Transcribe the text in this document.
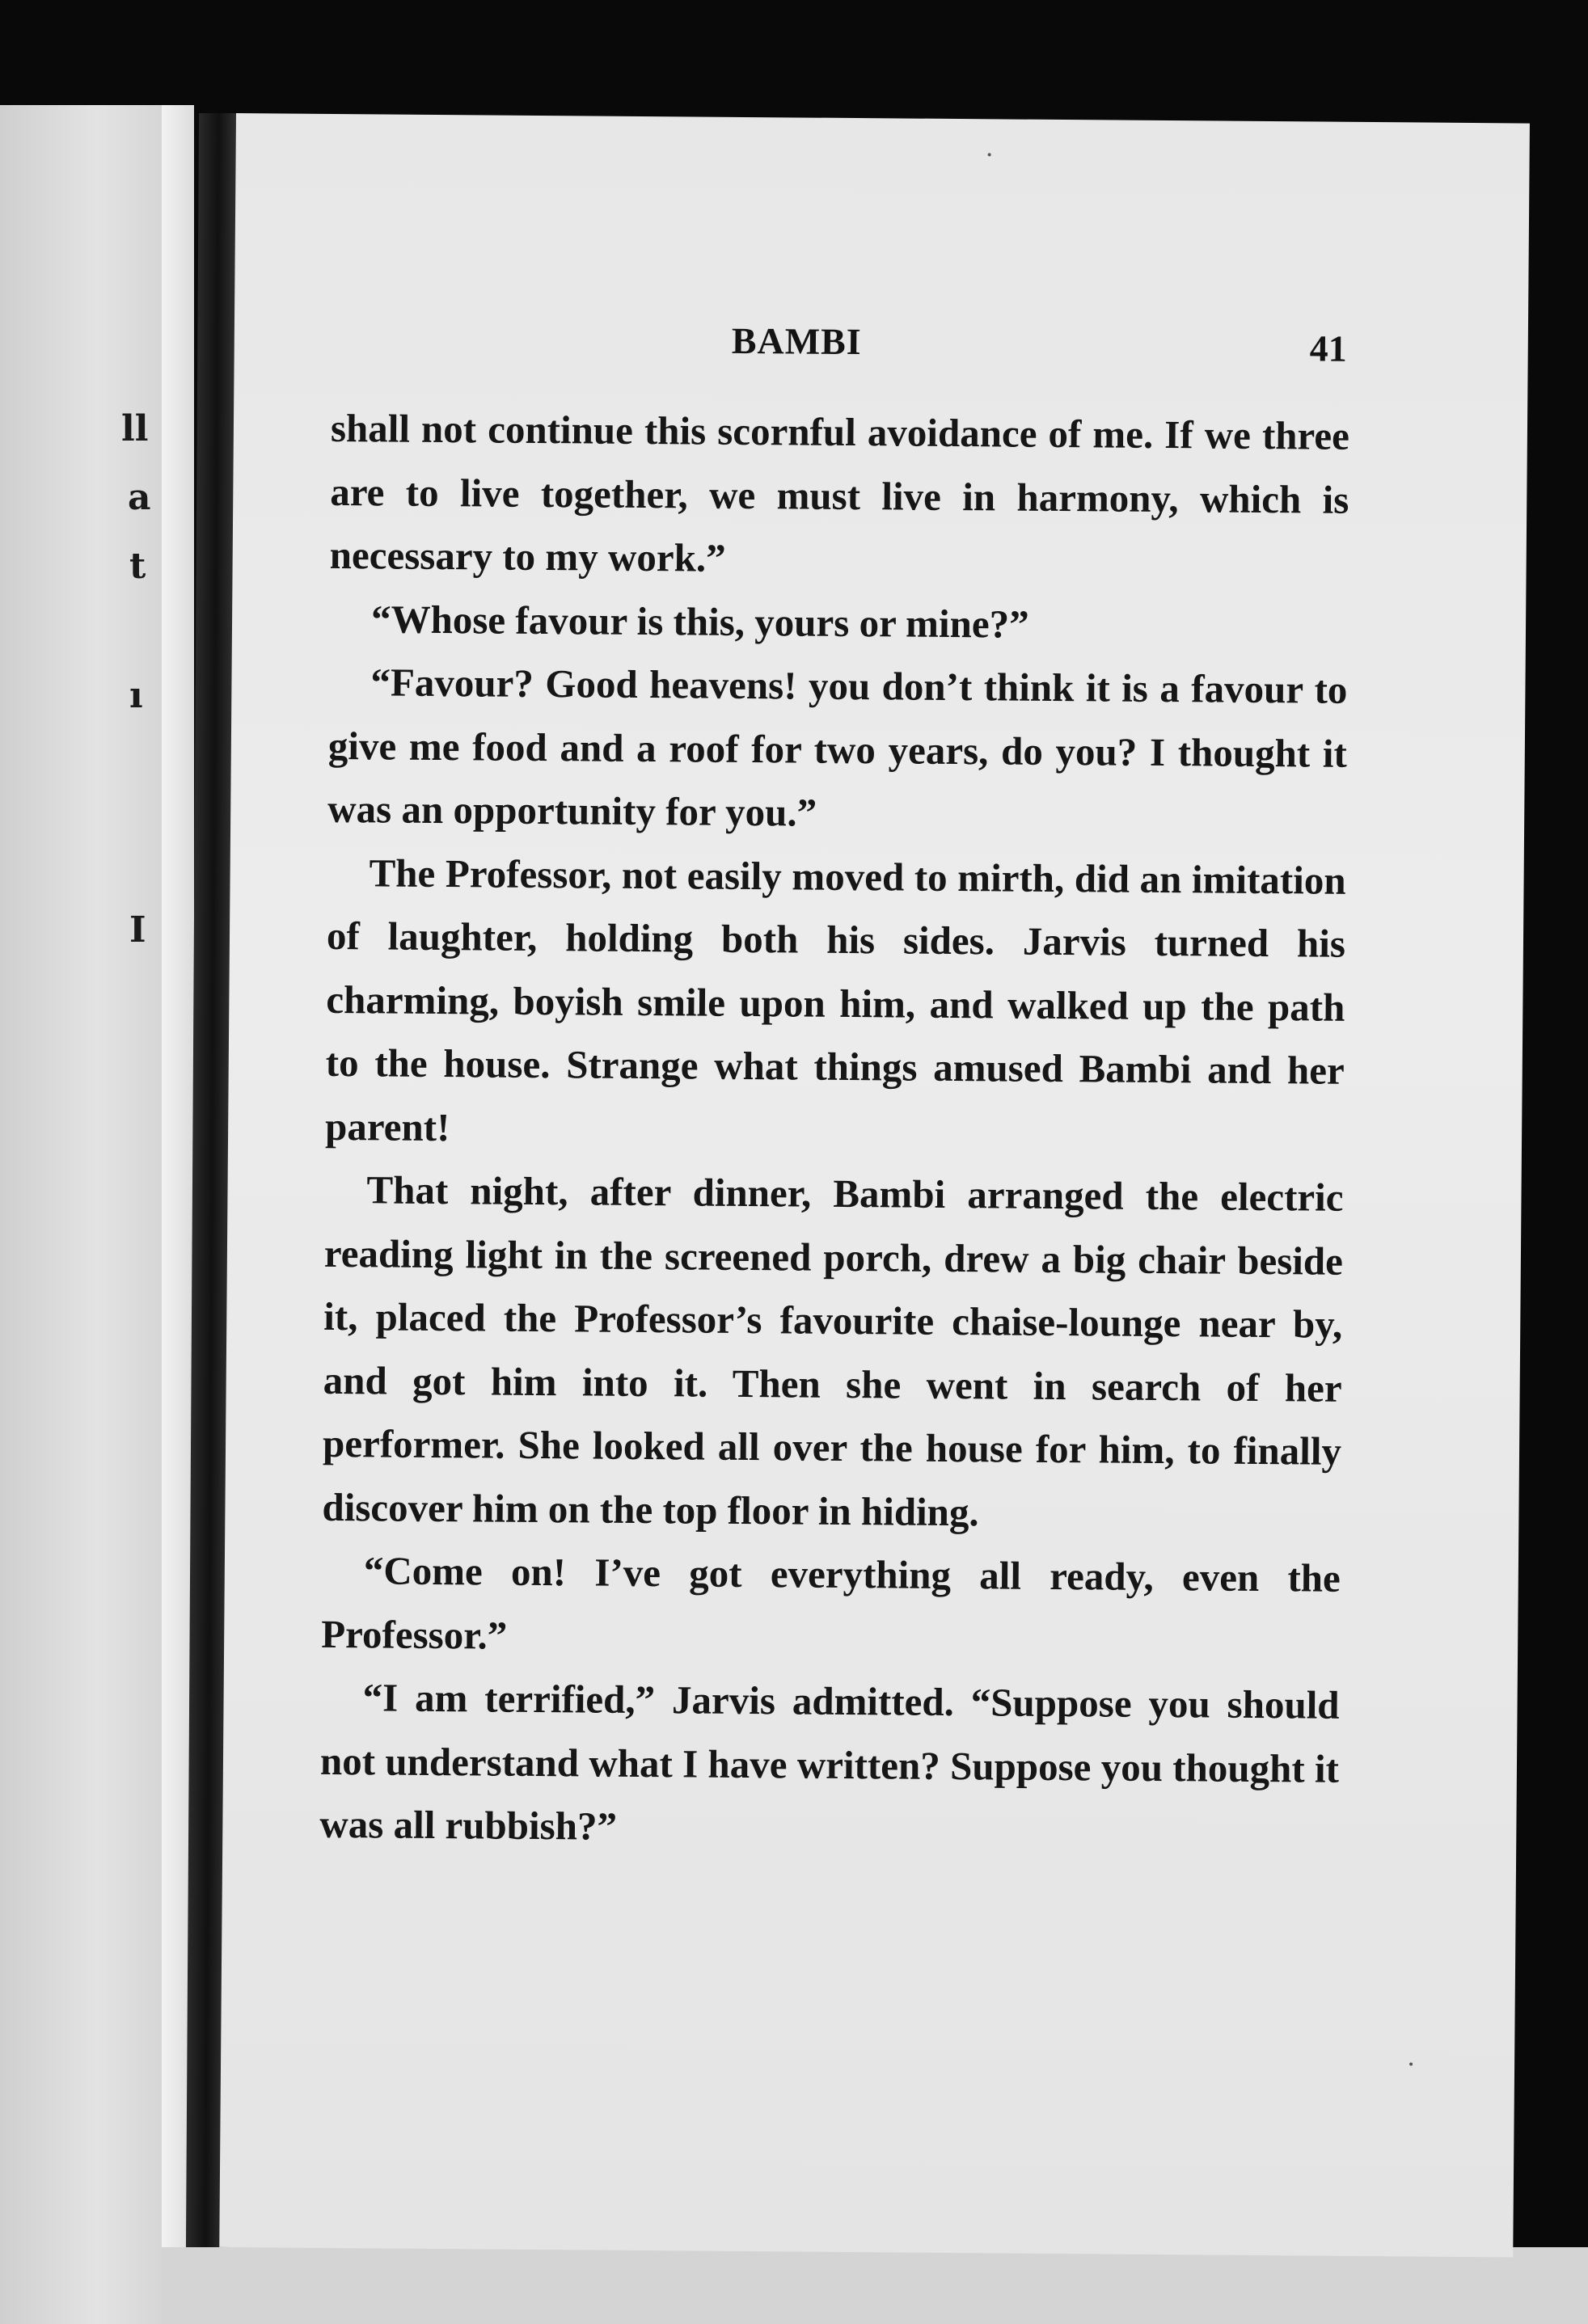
ll
a
t
ı
I
BAMBI	41

shall not continue this scornful avoidance of me. If we three are to live together, we must live in harmony, which is necessary to my work.”

“Whose favour is this, yours or mine?”

“Favour? Good heavens! you don’t think it is a favour to give me food and a roof for two years, do you? I thought it was an opportunity for you.”

The Professor, not easily moved to mirth, did an imitation of laughter, holding both his sides. Jarvis turned his charming, boyish smile upon him, and walked up the path to the house. Strange what things amused Bambi and her parent!

That night, after dinner, Bambi arranged the electric reading light in the screened porch, drew a big chair beside it, placed the Professor’s favourite chaise-lounge near by, and got him into it. Then she went in search of her performer. She looked all over the house for him, to finally discover him on the top floor in hiding.

“Come on! I’ve got everything all ready, even the Professor.”

“I am terrified,” Jarvis admitted. “Suppose you should not understand what I have written? Suppose you thought it was all rubbish?”
